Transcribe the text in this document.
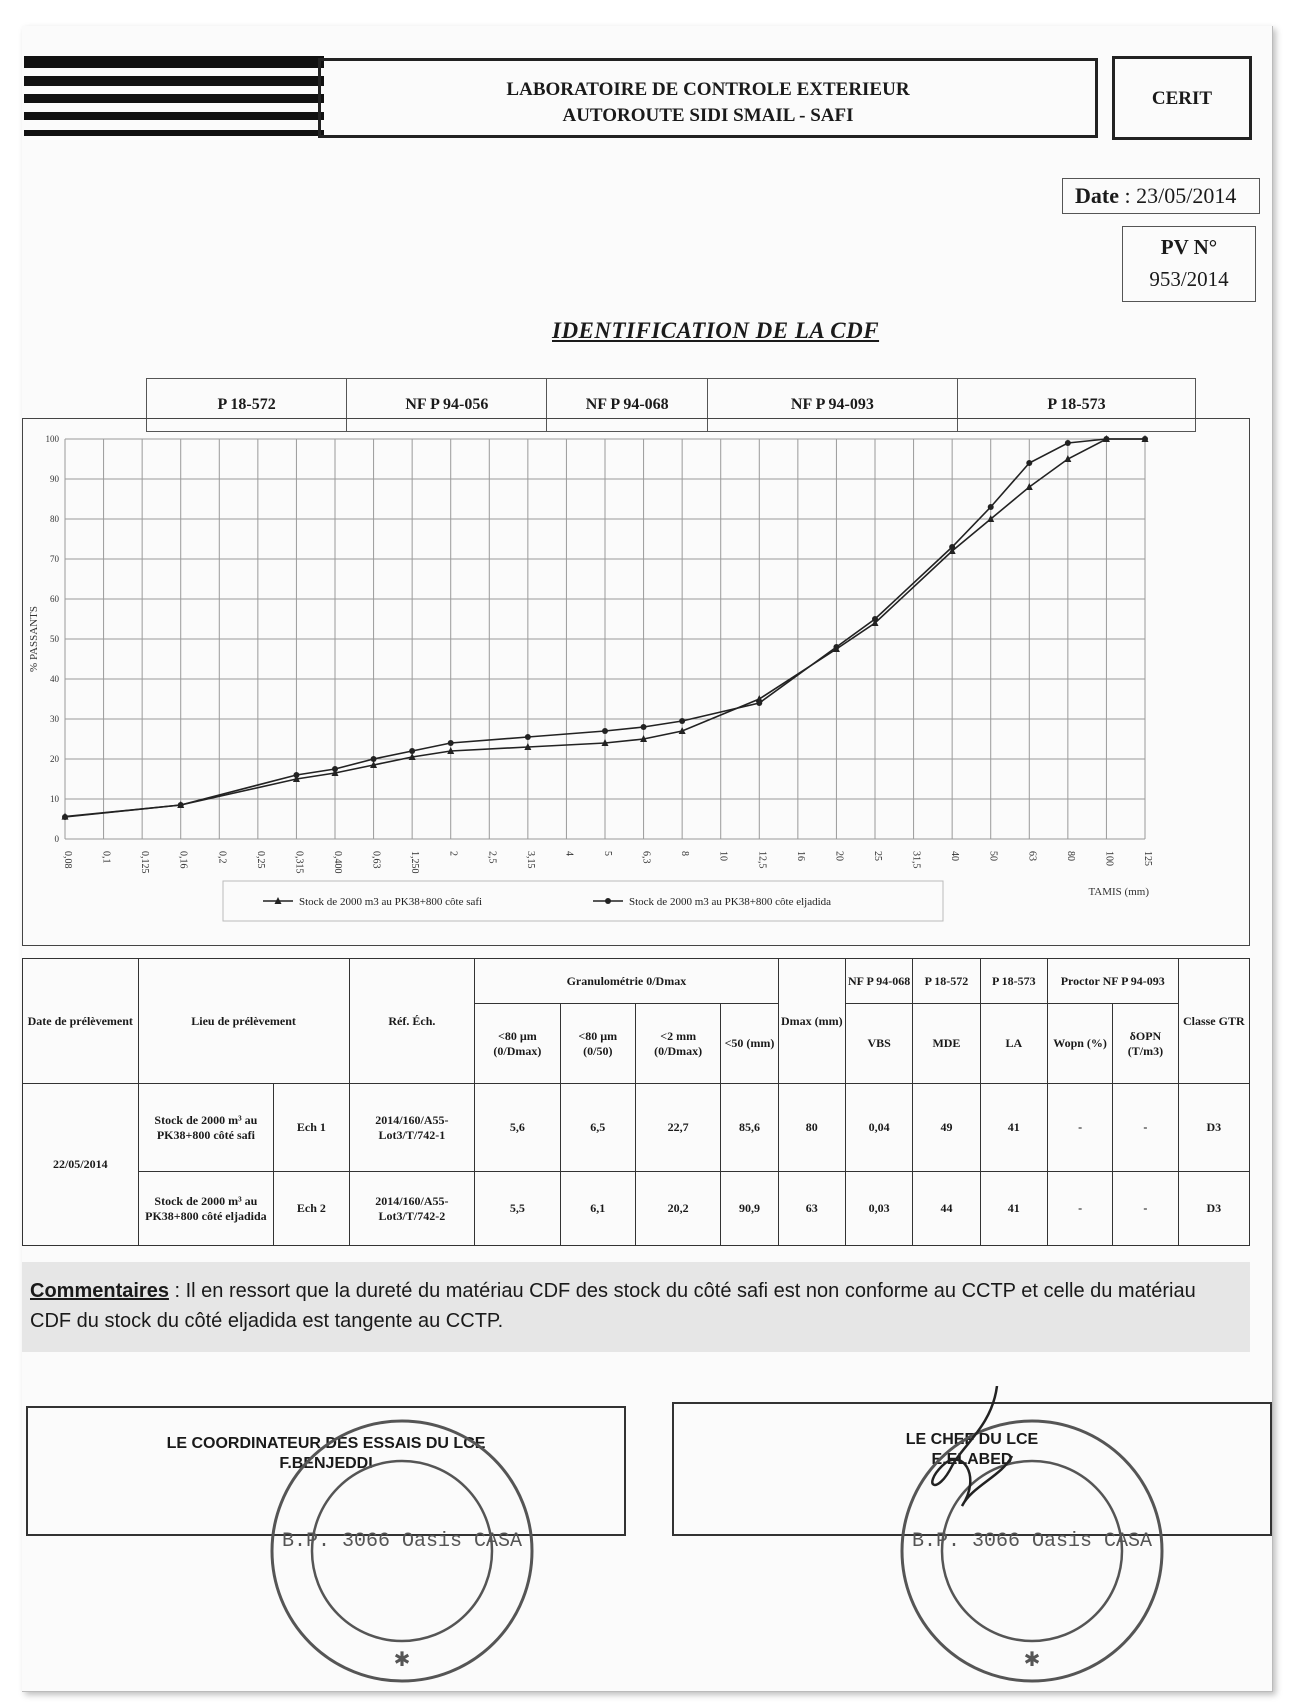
LABORATOIRE DE CONTROLE EXTERIEUR
AUTOROUTE SIDI SMAIL - SAFI
CERIT
Date : 23/05/2014
PV N°
953/2014
IDENTIFICATION DE LA CDF
P 18-572	NF P 94-056	NF P 94-068	NF P 94-093	P 18-573
0,08	0,1	0,125	0,16	0,2	0,25	0,315	0,400	0,63	1,250	2	2,5	3,15	4	5	6,3	8	10	12,5	16	20	25	31,5	40	50	63	80	100	125
0
10
20
30
40
50
60
70
80
90
100
% PASSANTS
TAMIS (mm)
Stock de 2000 m3 au PK38+800 côte safi	Stock de 2000 m3 au PK38+800 côte eljadida
Date de prélèvement	Lieu de prélèvement		Réf. Éch.	Granulométrie 0/Dmax				Dmax (mm)	NF P 94-068	P 18-572	P 18-573	Proctor NF P 94-093		Classe GTR
				<80 µm (0/Dmax)	<80 µm (0/50)	<2 mm (0/Dmax)	<50 (mm)		VBS	MDE	LA	Wopn (%)	δOPN (T/m3)	
22/05/2014	Stock de 2000 m³ au PK38+800 côté safi	Ech 1	2014/160/A55-Lot3/T/742-1	5,6	6,5	22,7	85,6	80	0,04	49	41	-	-	D3
	Stock de 2000 m³ au PK38+800 côté eljadida	Ech 2	2014/160/A55-Lot3/T/742-2	5,5	6,1	20,2	90,9	63	0,03	44	41	-	-	D3
Commentaires : Il en ressort que la dureté du matériau CDF des stock du côté safi est non conforme au CCTP et celle du matériau CDF du stock du côté eljadida est tangente au CCTP.
LE COORDINATEUR DES ESSAIS DU LCE
F.BENJEDDI
LE CHEF DU LCE
E.ELABED
B.P. 3066 Oasis CASA
✱
B.P. 3066 Oasis CASA
✱
